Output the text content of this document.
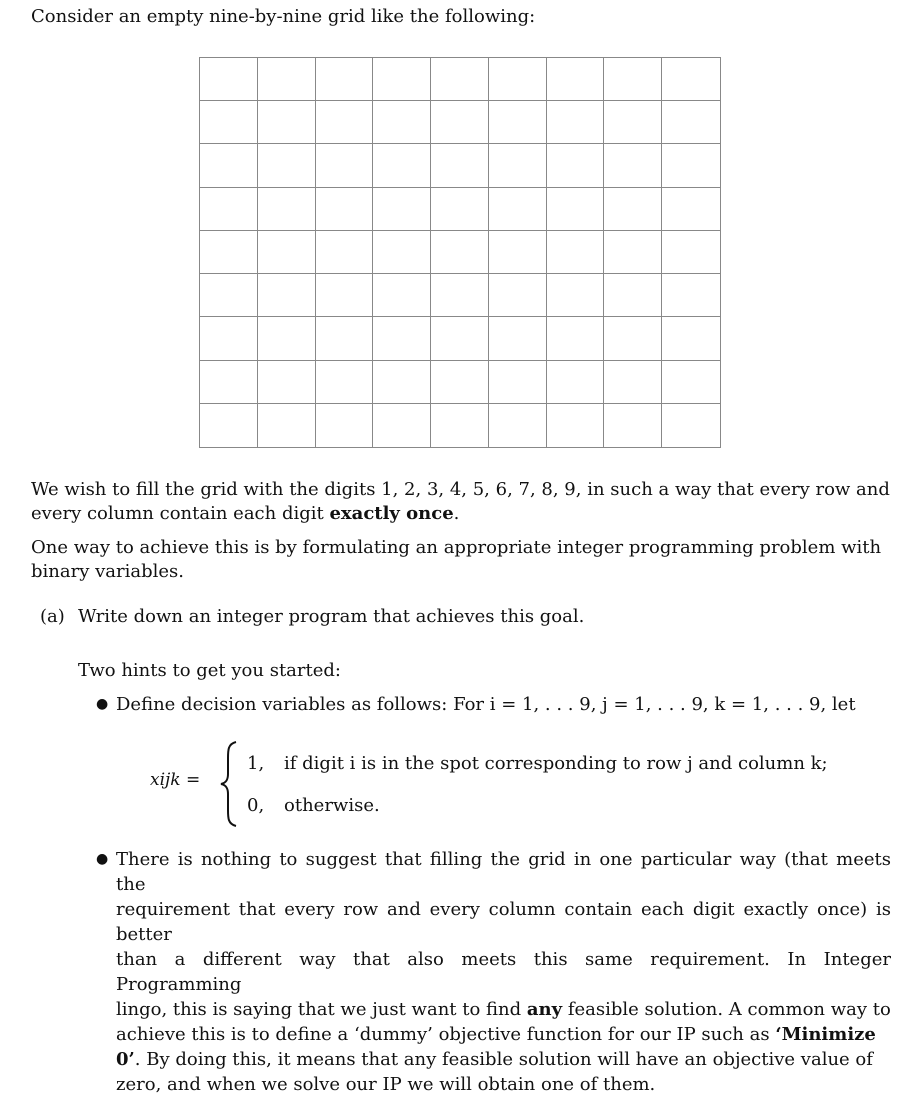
Consider an empty nine-by-nine grid like the following:

We wish to fill the grid with the digits 1, 2, 3, 4, 5, 6, 7, 8, 9, in such a way that every row and
every column contain each digit exactly once.
One way to achieve this is by formulating an appropriate integer programming problem with
binary variables.
(a) Write down an integer program that achieves this goal.
Two hints to get you started:
● Define decision variables as follows: For i = 1, . . . 9, j = 1, . . . 9, k = 1, . . . 9, let
xijk =
1, if digit i is in the spot corresponding to row j and column k;
0, otherwise.
● There is nothing to suggest that filling the grid in one particular way (that meets the
requirement that every row and every column contain each digit exactly once) is better
than a different way that also meets this same requirement. In Integer Programming
lingo, this is saying that we just want to find any feasible solution. A common way to
achieve this is to define a ‘dummy’ objective function for our IP such as ‘Minimize
0’. By doing this, it means that any feasible solution will have an objective value of
zero, and when we solve our IP we will obtain one of them.
